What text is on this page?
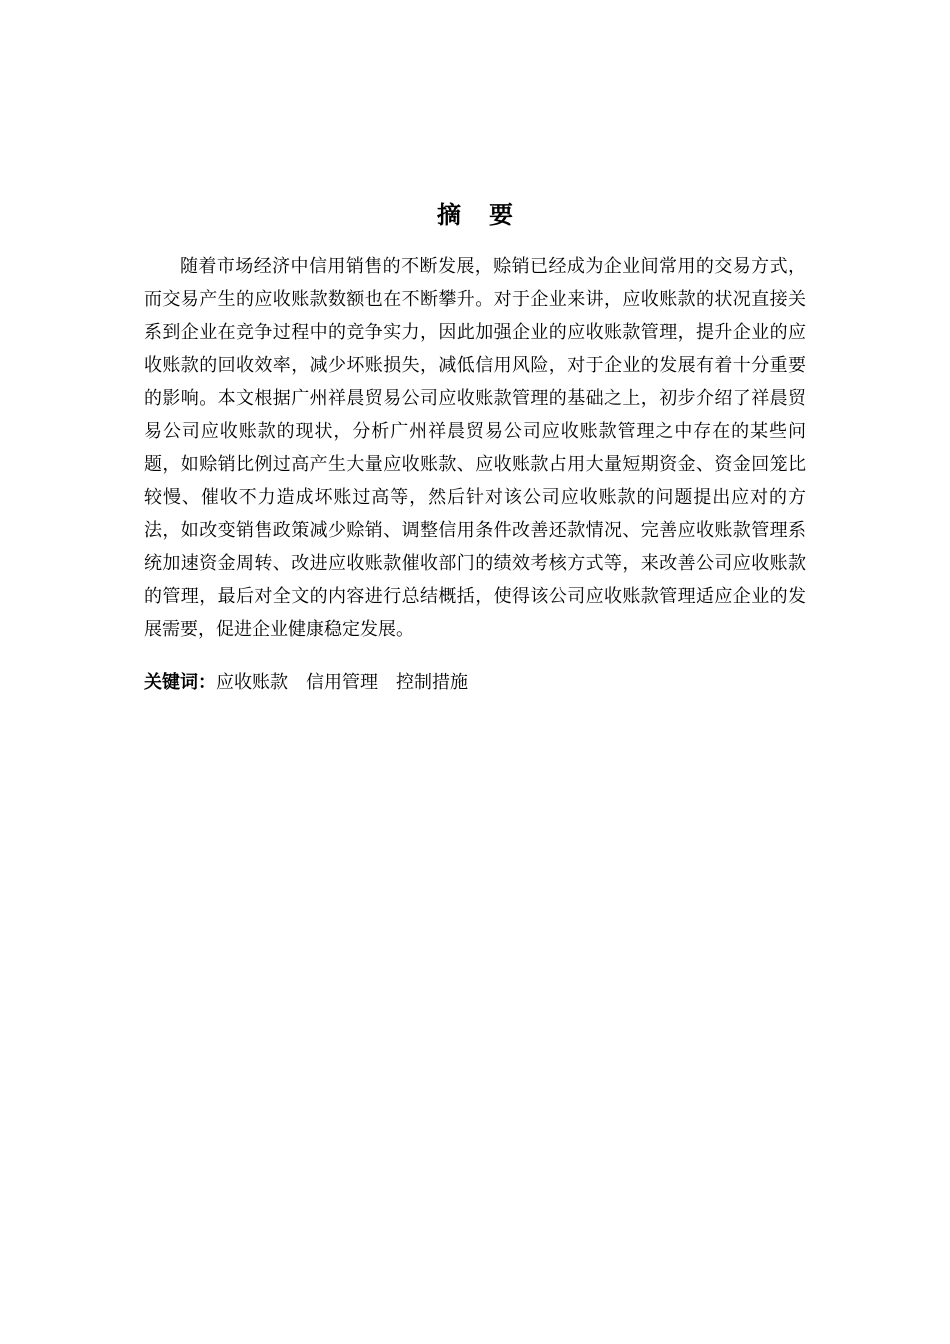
摘要

随着市场经济中信用销售的不断发展，赊销已经成为企业间常用的交易方式，而交易产生的应收账款数额也在不断攀升。对于企业来讲，应收账款的状况直接关系到企业在竞争过程中的竞争实力，因此加强企业的应收账款管理，提升企业的应收账款的回收效率，减少坏账损失，减低信用风险，对于企业的发展有着十分重要的影响。本文根据广州祥晨贸易公司应收账款管理的基础之上，初步介绍了祥晨贸易公司应收账款的现状，分析广州祥晨贸易公司应收账款管理之中存在的某些问题，如赊销比例过高产生大量应收账款、应收账款占用大量短期资金、资金回笼比较慢、催收不力造成坏账过高等，然后针对该公司应收账款的问题提出应对的方法，如改变销售政策减少赊销、调整信用条件改善还款情况、完善应收账款管理系统加速资金周转、改进应收账款催收部门的绩效考核方式等，来改善公司应收账款的管理，最后对全文的内容进行总结概括，使得该公司应收账款管理适应企业的发展需要，促进企业健康稳定发展。

关键词：应收账款 信用管理 控制措施
